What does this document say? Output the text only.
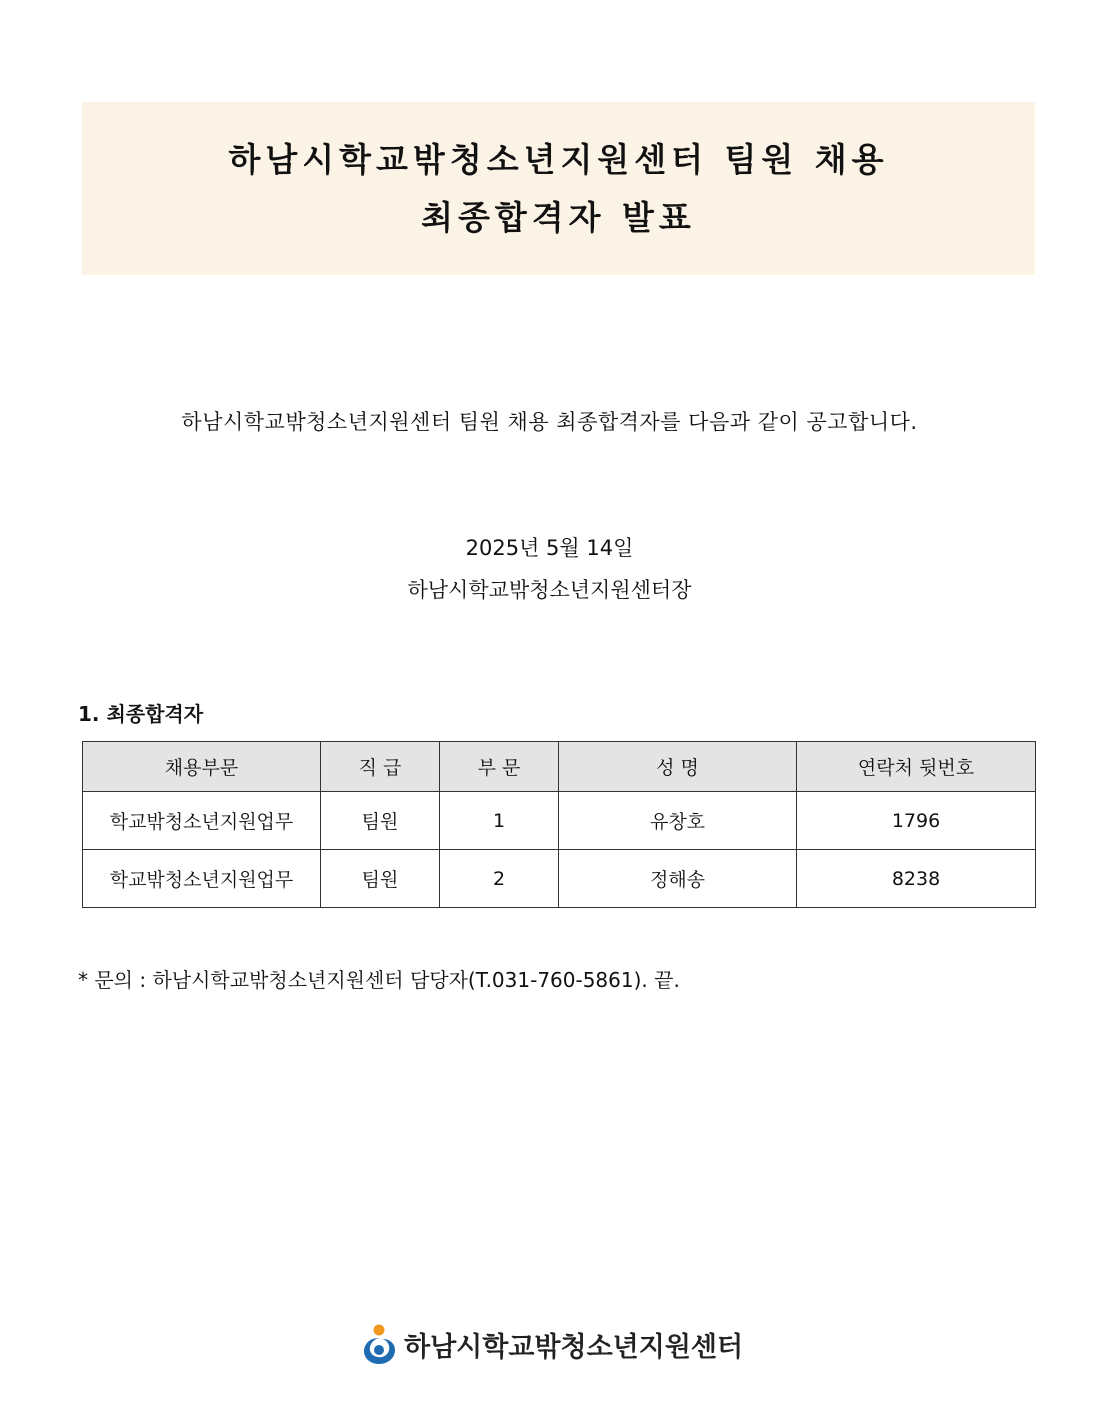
하남시학교밖청소년지원센터 팀원 채용
최종합격자 발표
하남시학교밖청소년지원센터 팀원 채용 최종합격자를 다음과 같이 공고합니다.
2025년 5월 14일
하남시학교밖청소년지원센터장
1. 최종합격자
채용부문	직 급	부 문	성 명	연락처 뒷번호
학교밖청소년지원업무	팀원	1	유창호	1796
학교밖청소년지원업무	팀원	2	정해송	8238
* 문의 : 하남시학교밖청소년지원센터 담당자(T.031-760-5861). 끝.
하남시학교밖청소년지원센터
